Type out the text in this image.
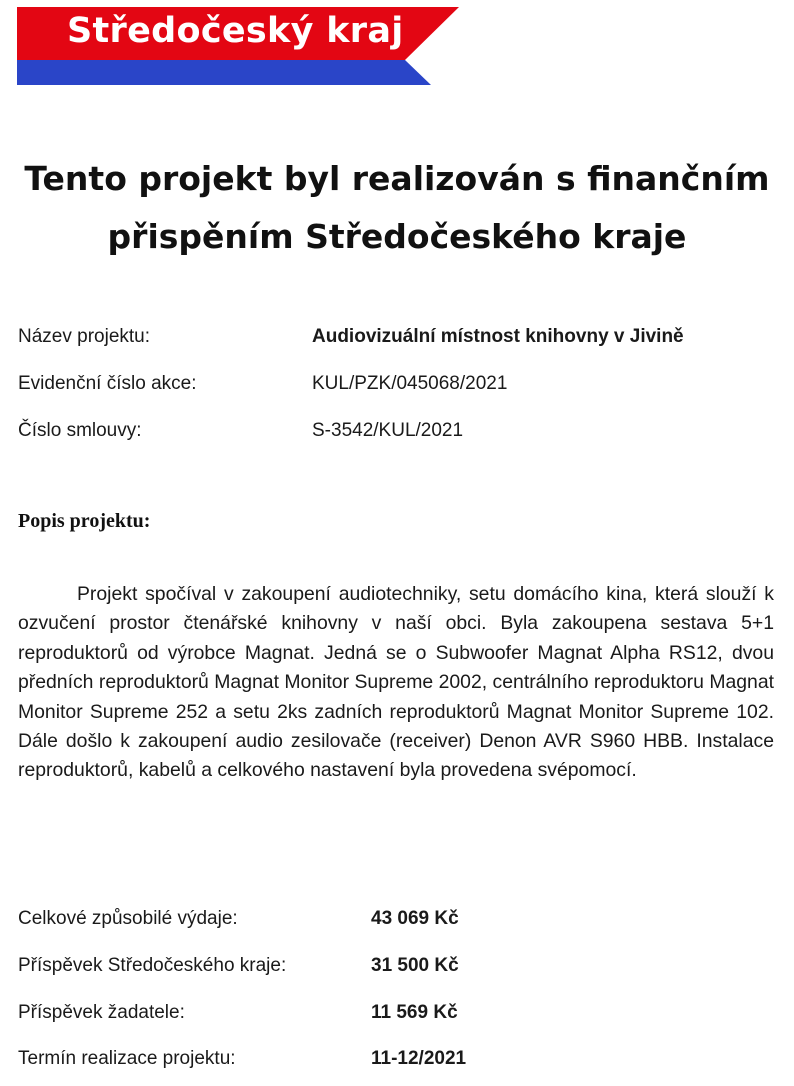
Středočeský kraj
Tento projekt byl realizován s finančním
přispěním Středočeského kraje
Název projektu:	Audiovizuální místnost knihovny v Jivině
Evidenční číslo akce:	KUL/PZK/045068/2021
Číslo smlouvy:	S-3542/KUL/2021
Popis projektu:

Projekt spočíval v zakoupení audiotechniky, setu domácího kina, která slouží k ozvučení prostor čtenářské knihovny v naší obci. Byla zakoupena sestava 5+1 reproduktorů od výrobce Magnat. Jedná se o Subwoofer Magnat Alpha RS12, dvou předních reproduktorů Magnat Monitor Supreme 2002, centrálního reproduktoru Magnat Monitor Supreme 252 a setu 2ks zadních reproduktorů Magnat Monitor Supreme 102. Dále došlo k zakoupení audio zesilovače (receiver) Denon AVR S960 HBB. Instalace reproduktorů, kabelů a celkového nastavení byla provedena svépomocí.

Celkové způsobilé výdaje:	43 069 Kč
Příspěvek Středočeského kraje:	31 500 Kč
Příspěvek žadatele:	11 569 Kč
Termín realizace projektu:	11-12/2021
